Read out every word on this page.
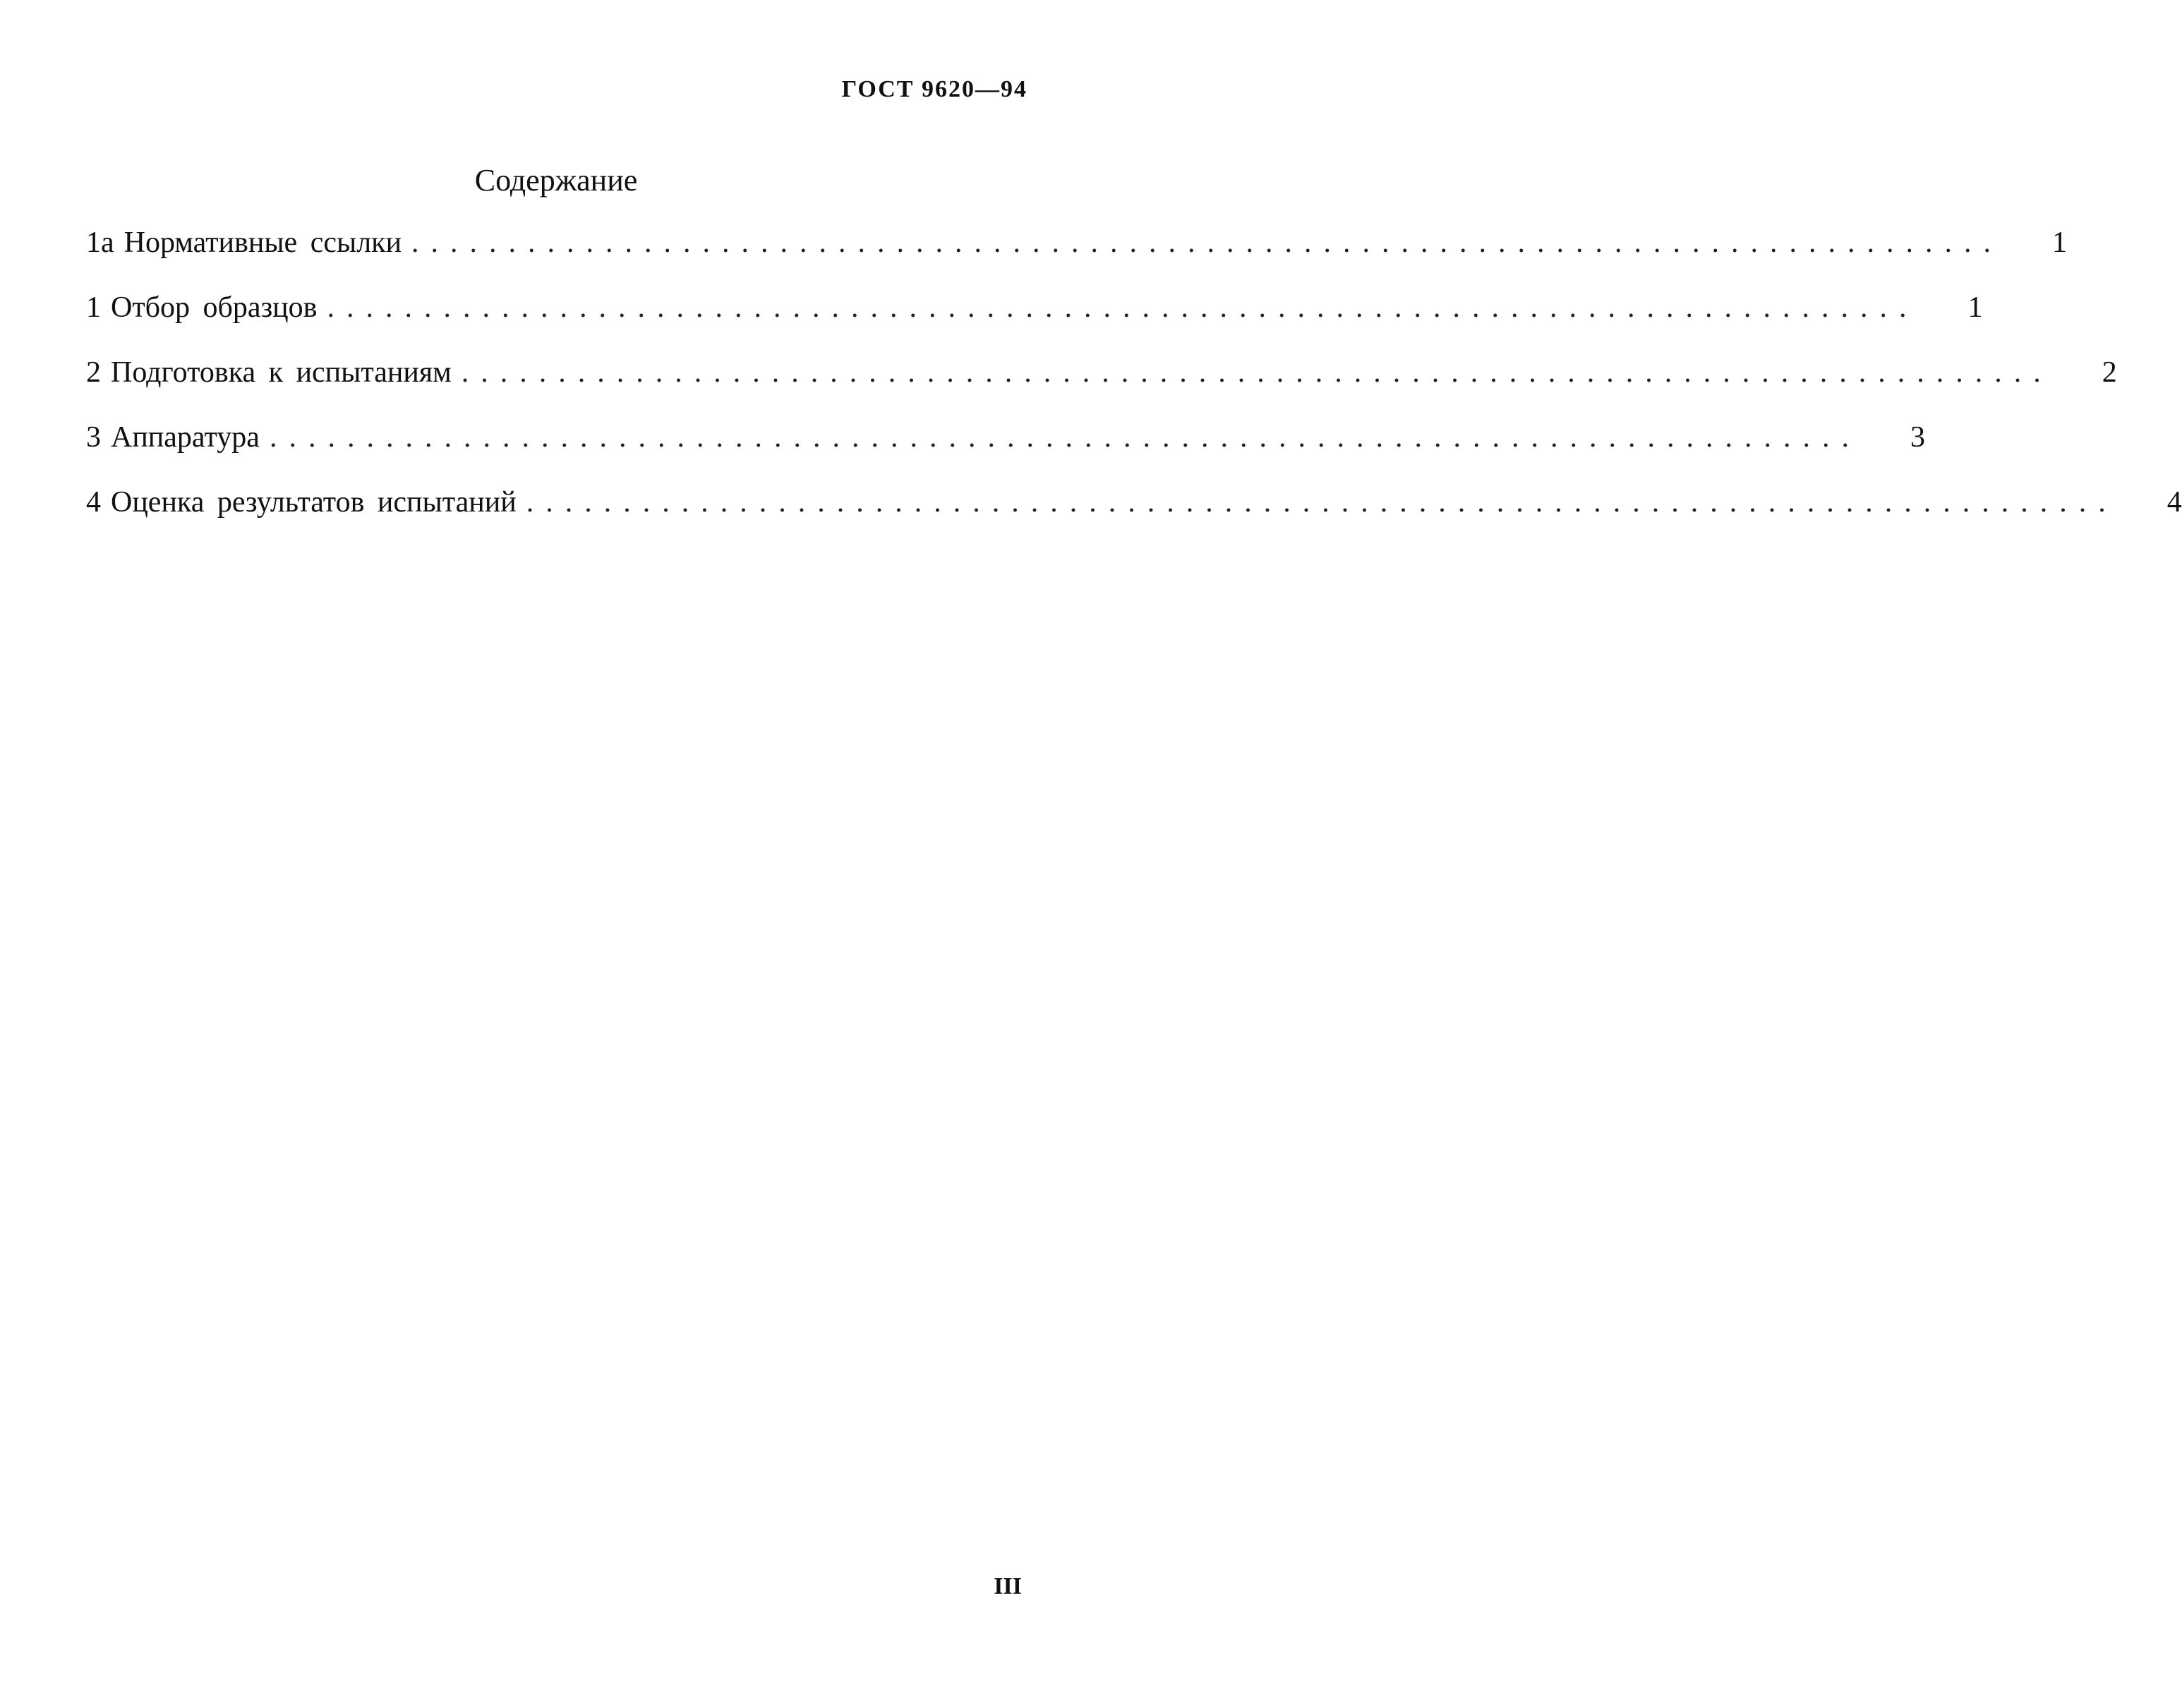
ГОСТ 9620—94
Содержание
1а Нормативные ссылки .................................................................................. 1
1 Отбор образцов .................................................................................. 1
2 Подготовка к испытаниям .................................................................................. 2
3 Аппаратура .................................................................................. 3
4 Оценка результатов испытаний .................................................................................. 4
III
